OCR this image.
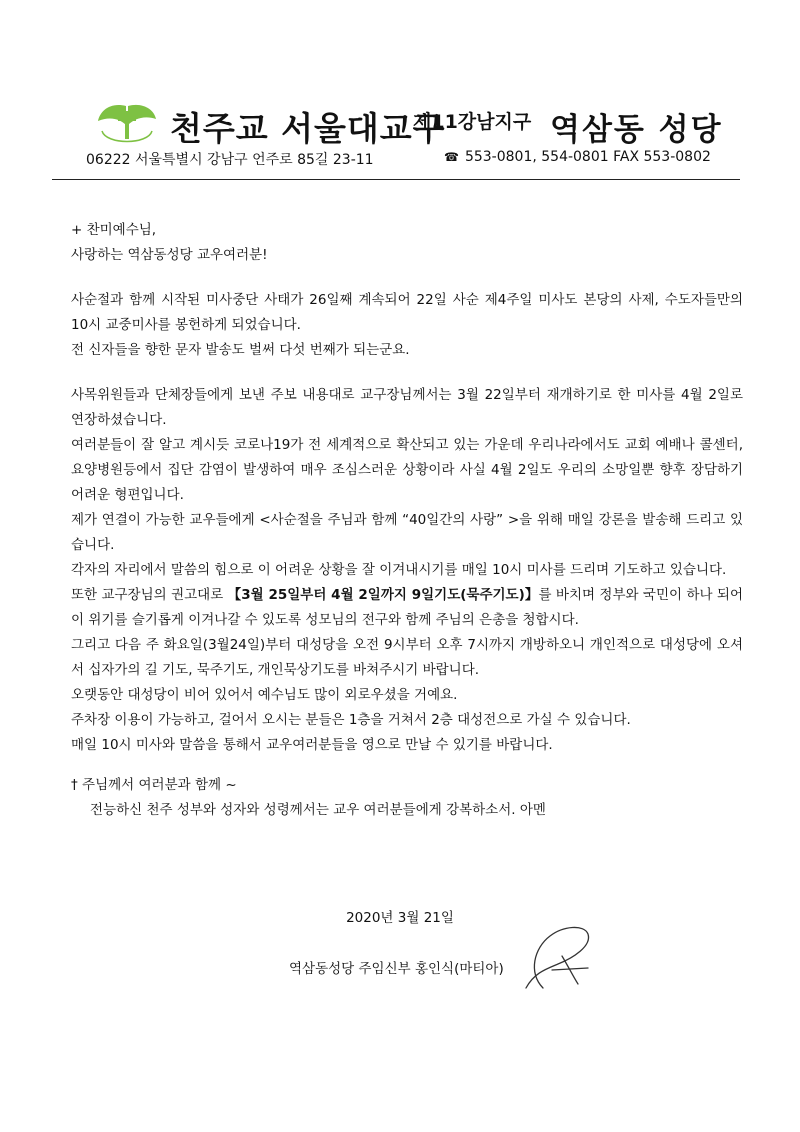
천주교 서울대교구
제11강남지구 역삼동 성당
06222 서울특별시 강남구 언주로 85길 23-11	☎ 553-0801, 554-0801 FAX 553-0802

+ 찬미예수님,

사랑하는 역삼동성당 교우여러분!

사순절과 함께 시작된 미사중단 사태가 26일째 계속되어 22일 사순 제4주일 미사도 본당의 사제, 수도자들만의 10시 교중미사를 봉헌하게 되었습니다.

전 신자들을 향한 문자 발송도 벌써 다섯 번째가 되는군요.

사목위원들과 단체장들에게 보낸 주보 내용대로 교구장님께서는 3월 22일부터 재개하기로 한 미사를 4월 2일로 연장하셨습니다.

여러분들이 잘 알고 계시듯 코로나19가 전 세계적으로 확산되고 있는 가운데 우리나라에서도 교회 예배나 콜센터, 요양병원등에서 집단 감염이 발생하여 매우 조심스러운 상황이라 사실 4월 2일도 우리의 소망일뿐 향후 장담하기 어려운 형편입니다.

제가 연결이 가능한 교우들에게 <사순절을 주님과 함께 “40일간의 사랑” >을 위해 매일 강론을 발송해 드리고 있습니다.

각자의 자리에서 말씀의 힘으로 이 어려운 상황을 잘 이겨내시기를 매일 10시 미사를 드리며 기도하고 있습니다.

또한 교구장님의 권고대로 【3월 25일부터 4월 2일까지 9일기도(묵주기도)】를 바치며 정부와 국민이 하나 되어 이 위기를 슬기롭게 이겨나갈 수 있도록 성모님의 전구와 함께 주님의 은총을 청합시다.

그리고 다음 주 화요일(3월24일)부터 대성당을 오전 9시부터 오후 7시까지 개방하오니 개인적으로 대성당에 오셔서 십자가의 길 기도, 묵주기도, 개인묵상기도를 바쳐주시기 바랍니다.

오랫동안 대성당이 비어 있어서 예수님도 많이 외로우셨을 거예요.

주차장 이용이 가능하고, 걸어서 오시는 분들은 1층을 거쳐서 2층 대성전으로 가실 수 있습니다.

매일 10시 미사와 말씀을 통해서 교우여러분들을 영으로 만날 수 있기를 바랍니다.

† 주님께서 여러분과 함께 ~

전능하신 천주 성부와 성자와 성령께서는 교우 여러분들에게 강복하소서. 아멘

2020년 3월 21일
역삼동성당 주임신부 홍인식(마티아)
